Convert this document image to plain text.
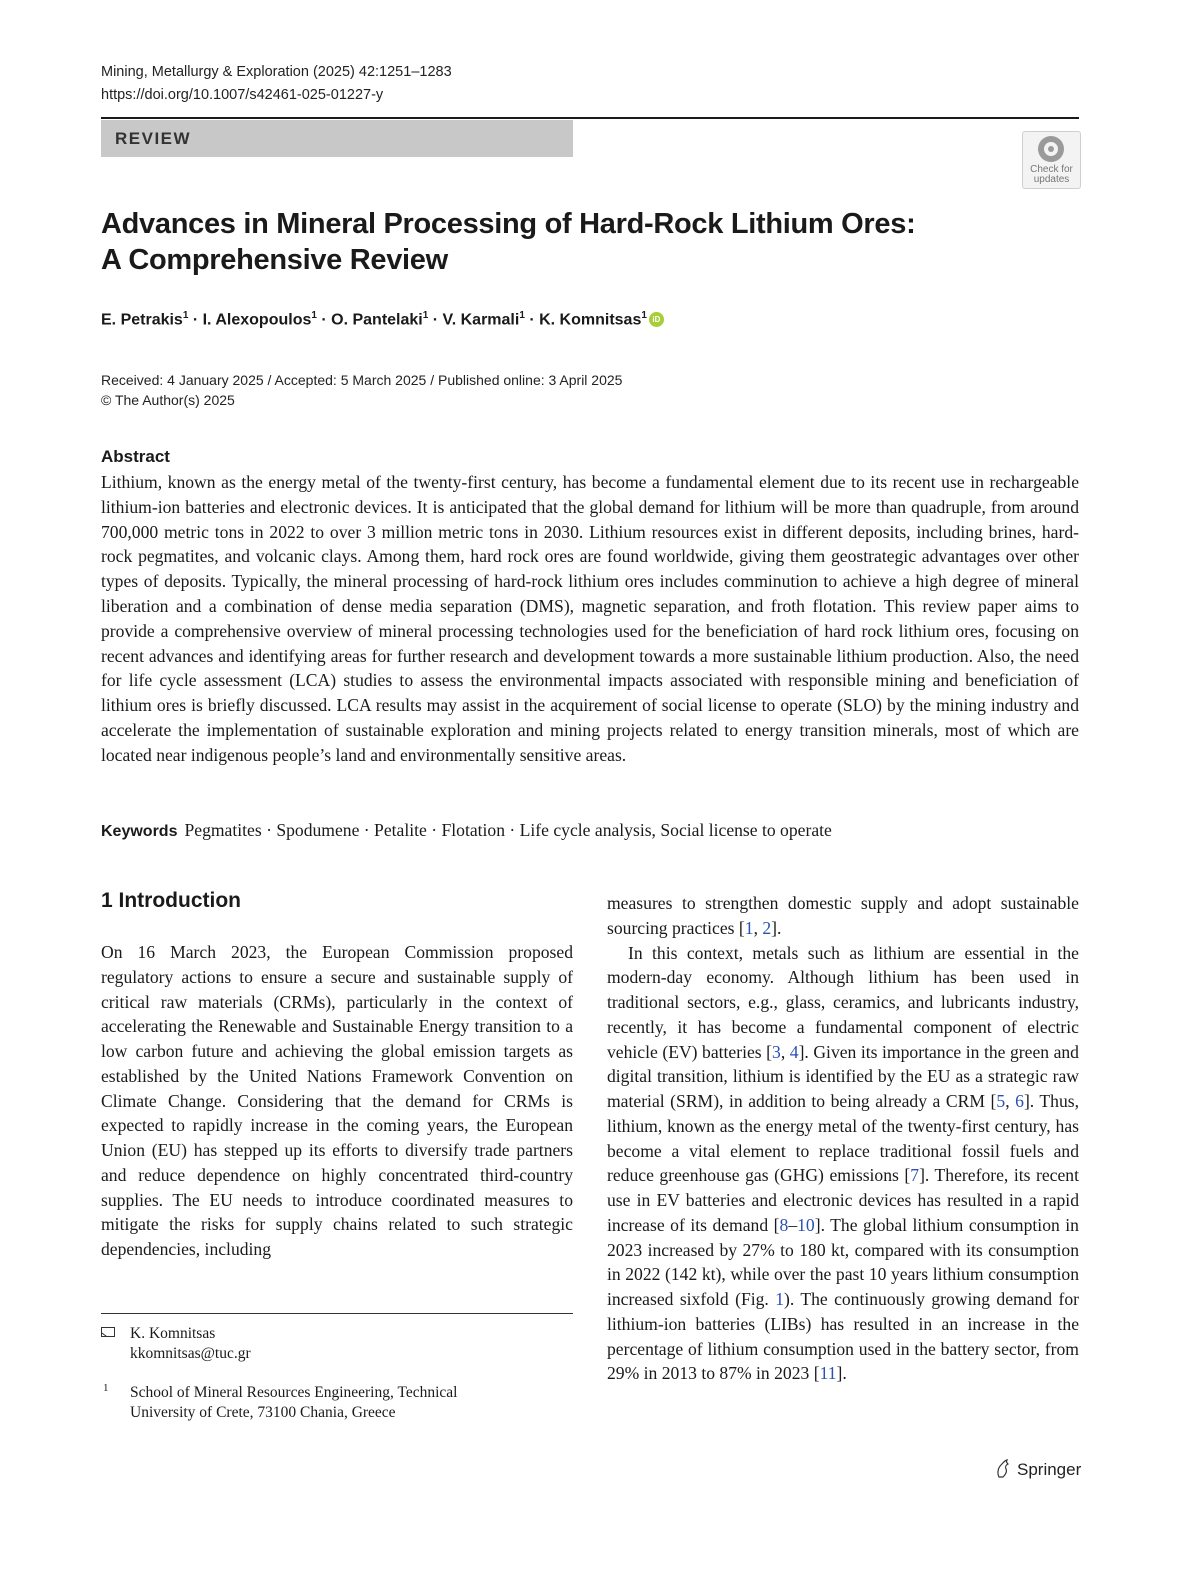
Mining, Metallurgy & Exploration (2025) 42:1251–1283
https://doi.org/10.1007/s42461-025-01227-y
REVIEW
Check for
updates
Advances in Mineral Processing of Hard-Rock Lithium Ores:
A Comprehensive Review
E. Petrakis$^1$ · I. Alexopoulos$^1$ · O. Pantelaki$^1$ · V. Karmali$^1$ · K. Komnitsas$^1$ iD
Received: 4 January 2025 / Accepted: 5 March 2025 / Published online: 3 April 2025
© The Author(s) 2025
Abstract
Lithium, known as the energy metal of the twenty-first century, has become a fundamental element due to its recent use in rechargeable lithium-ion batteries and electronic devices. It is anticipated that the global demand for lithium will be more than quadruple, from around 700,000 metric tons in 2022 to over 3 million metric tons in 2030. Lithium resources exist in different deposits, including brines, hard-rock pegmatites, and volcanic clays. Among them, hard rock ores are found worldwide, giving them geostrategic advantages over other types of deposits. Typically, the mineral processing of hard-rock lithium ores includes comminution to achieve a high degree of mineral liberation and a combination of dense media separation (DMS), magnetic separation, and froth flotation. This review paper aims to provide a comprehensive overview of mineral processing technologies used for the beneficiation of hard rock lithium ores, focusing on recent advances and identifying areas for further research and development towards a more sustainable lithium production. Also, the need for life cycle assessment (LCA) studies to assess the environmental impacts associated with responsible mining and beneficiation of lithium ores is briefly discussed. LCA results may assist in the acquirement of social license to operate (SLO) by the mining industry and accelerate the implementation of sustainable exploration and mining projects related to energy transition minerals, most of which are located near indigenous people’s land and environmentally sensitive areas.
Keywords Pegmatites · Spodumene · Petalite · Flotation · Life cycle analysis, Social license to operate
1 Introduction

On 16 March 2023, the European Commission proposed regulatory actions to ensure a secure and sustainable supply of critical raw materials (CRMs), particularly in the context of accelerating the Renewable and Sustainable Energy transition to a low carbon future and achieving the global emission targets as established by the United Nations Framework Convention on Climate Change. Considering that the demand for CRMs is expected to rapidly increase in the coming years, the European Union (EU) has stepped up its efforts to diversify trade partners and reduce dependence on highly concentrated third-country supplies. The EU needs to introduce coordinated measures to mitigate the risks for supply chains related to such strategic dependencies, including

measures to strengthen domestic supply and adopt sustainable sourcing practices [1, 2].

In this context, metals such as lithium are essential in the modern-day economy. Although lithium has been used in traditional sectors, e.g., glass, ceramics, and lubricants industry, recently, it has become a fundamental component of electric vehicle (EV) batteries [3, 4]. Given its importance in the green and digital transition, lithium is identified by the EU as a strategic raw material (SRM), in addition to being already a CRM [5, 6]. Thus, lithium, known as the energy metal of the twenty-first century, has become a vital element to replace traditional fossil fuels and reduce greenhouse gas (GHG) emissions [7]. Therefore, its recent use in EV batteries and electronic devices has resulted in a rapid increase of its demand [8–10]. The global lithium consumption in 2023 increased by 27% to 180 kt, compared with its consumption in 2022 (142 kt), while over the past 10 years lithium consumption increased sixfold (Fig. 1). The continuously growing demand for lithium-ion batteries (LIBs) has resulted in an increase in the percentage of lithium consumption used in the battery sector, from 29% in 2013 to 87% in 2023 [11].

K. Komnitsas
kkomnitsas@tuc.gr
1 School of Mineral Resources Engineering, Technical
University of Crete, 73100 Chania, Greece
Springer
